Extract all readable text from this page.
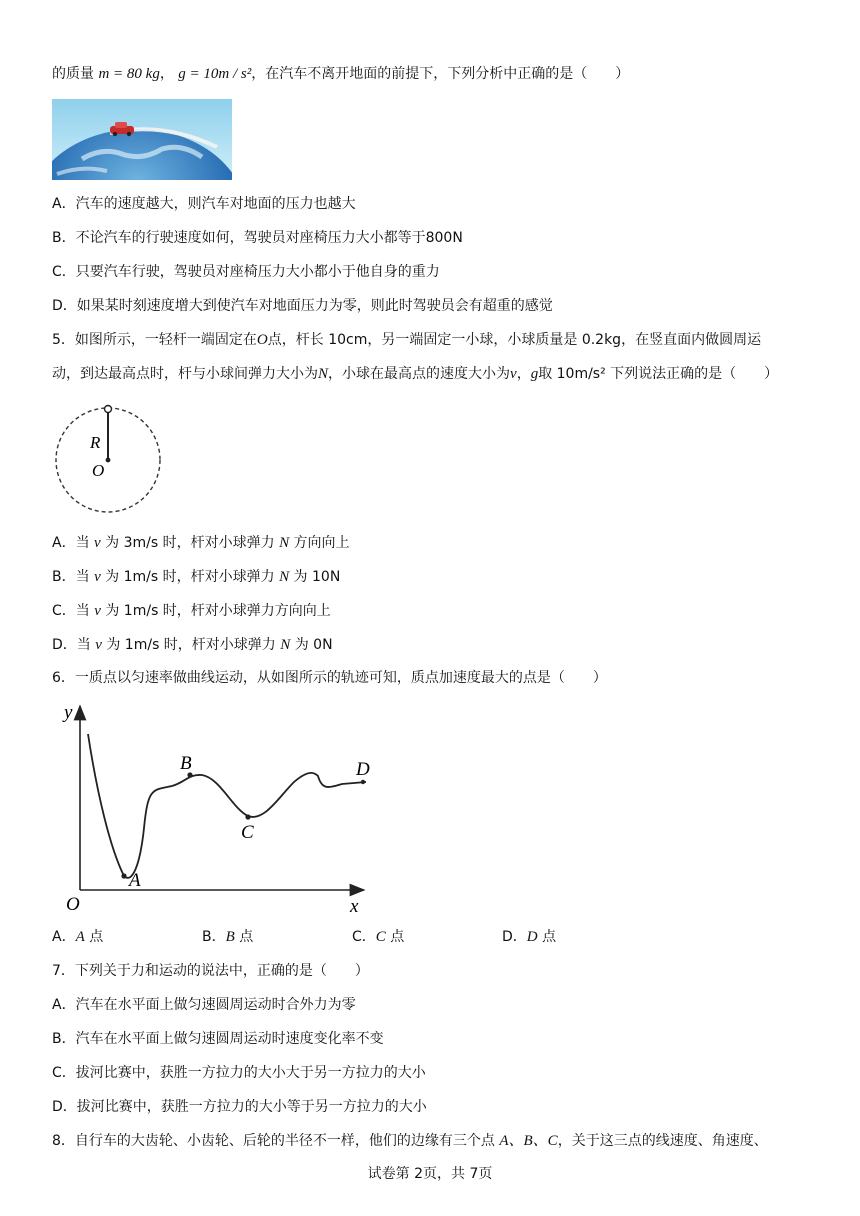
的质量 m = 80 kg， g = 10m / s²，在汽车不离开地面的前提下，下列分析中正确的是（　　）
A．汽车的速度越大，则汽车对地面的压力也越大
B．不论汽车的行驶速度如何，驾驶员对座椅压力大小都等于800N
C．只要汽车行驶，驾驶员对座椅压力大小都小于他自身的重力
D．如果某时刻速度增大到使汽车对地面压力为零，则此时驾驶员会有超重的感觉
5．如图所示，一轻杆一端固定在O点，杆长 10cm，另一端固定一小球，小球质量是 0.2kg，在竖直面内做圆周运
动，到达最高点时，杆与小球间弹力大小为N，小球在最高点的速度大小为v，g取 10m/s² 下列说法正确的是（　　）
R
O
A．当 v 为 3m/s 时，杆对小球弹力 N 方向向上
B．当 v 为 1m/s 时，杆对小球弹力 N 为 10N
C．当 v 为 1m/s 时，杆对小球弹力方向向上
D．当 v 为 1m/s 时，杆对小球弹力 N 为 0N
6．一质点以匀速率做曲线运动，从如图所示的轨迹可知，质点加速度最大的点是（　　）
y
x
O
A
B
C
D
A．A 点	B．B 点	C．C 点	D．D 点
7．下列关于力和运动的说法中，正确的是（　　）
A．汽车在水平面上做匀速圆周运动时合外力为零
B．汽车在水平面上做匀速圆周运动时速度变化率不变
C．拔河比赛中，获胜一方拉力的大小大于另一方拉力的大小
D．拔河比赛中，获胜一方拉力的大小等于另一方拉力的大小
8．自行车的大齿轮、小齿轮、后轮的半径不一样，他们的边缘有三个点 A、B、C，关于这三点的线速度、角速度、
试卷第 2页，共 7页
